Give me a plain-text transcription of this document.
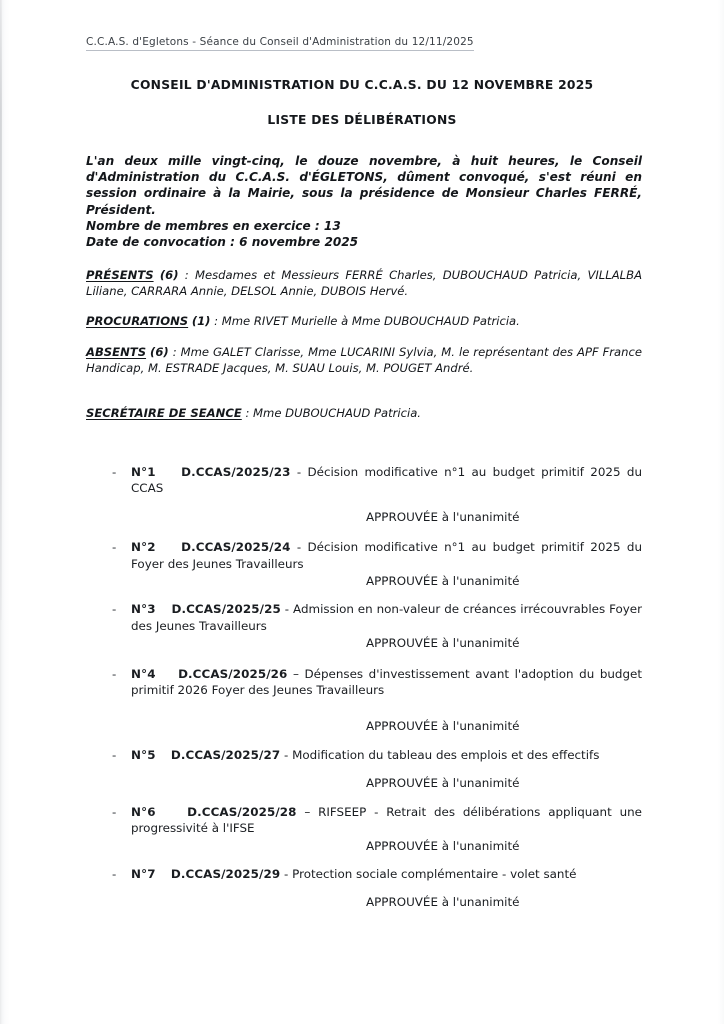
C.C.A.S. d'Egletons - Séance du Conseil d'Administration du 12/11/2025
CONSEIL D'ADMINISTRATION DU C.C.A.S. DU 12 NOVEMBRE 2025
LISTE DES DÉLIBÉRATIONS
L'an deux mille vingt-cinq, le douze novembre, à huit heures, le Conseil d'Administration du C.C.A.S. d'ÉGLETONS, dûment convoqué, s'est réuni en session ordinaire à la Mairie, sous la présidence de Monsieur Charles FERRÉ, Président.
Nombre de membres en exercice : 13
Date de convocation : 6 novembre 2025
PRÉSENTS (6) : Mesdames et Messieurs FERRÉ Charles, DUBOUCHAUD Patricia, VILLALBA Liliane, CARRARA Annie, DELSOL Annie, DUBOIS Hervé.
PROCURATIONS (1) : Mme RIVET Murielle à Mme DUBOUCHAUD Patricia.
ABSENTS (6) : Mme GALET Clarisse, Mme LUCARINI Sylvia, M. le représentant des APF France Handicap, M. ESTRADE Jacques, M. SUAU Louis, M. POUGET André.
SECRÉTAIRE DE SEANCE : Mme DUBOUCHAUD Patricia.
- N°1 D.CCAS/2025/23 - Décision modificative n°1 au budget primitif 2025 du CCAS
APPROUVÉE à l'unanimité
- N°2 D.CCAS/2025/24 - Décision modificative n°1 au budget primitif 2025 du Foyer des Jeunes Travailleurs
APPROUVÉE à l'unanimité
- N°3 D.CCAS/2025/25 - Admission en non-valeur de créances irrécouvrables Foyer des Jeunes Travailleurs
APPROUVÉE à l'unanimité
- N°4 D.CCAS/2025/26 – Dépenses d'investissement avant l'adoption du budget primitif 2026 Foyer des Jeunes Travailleurs
APPROUVÉE à l'unanimité
- N°5 D.CCAS/2025/27 - Modification du tableau des emplois et des effectifs
APPROUVÉE à l'unanimité
- N°6	D.CCAS/2025/28 – RIFSEEP - Retrait des délibérations appliquant une progressivité à l'IFSE
APPROUVÉE à l'unanimité
- N°7 D.CCAS/2025/29 - Protection sociale complémentaire - volet santé
APPROUVÉE à l'unanimité
